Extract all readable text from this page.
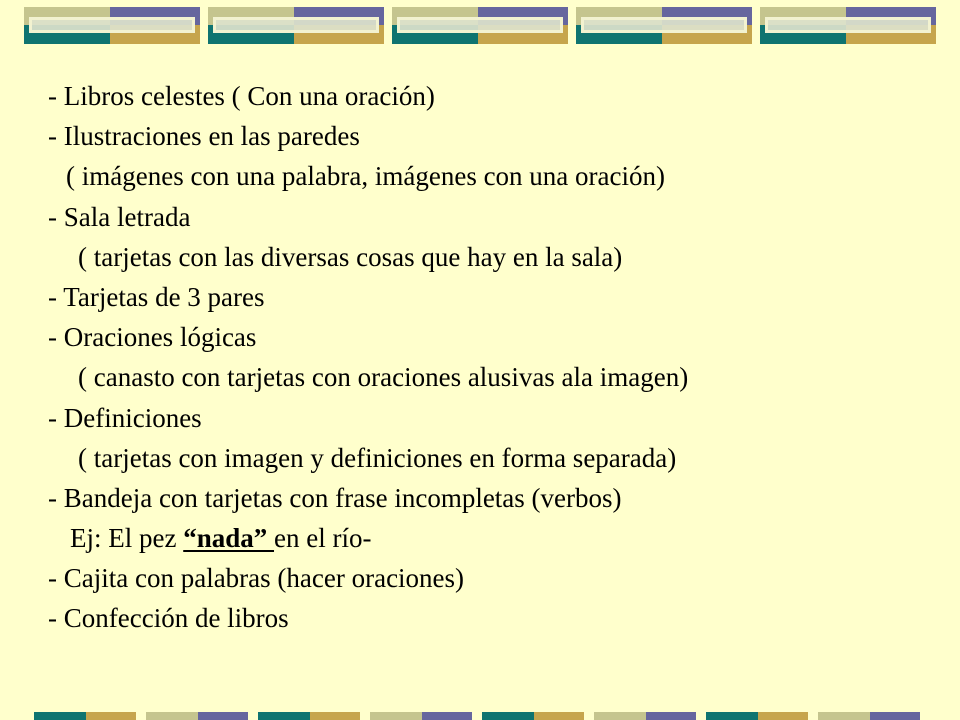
- Libros celestes ( Con una oración)
- Ilustraciones en las paredes
( imágenes con una palabra, imágenes con una oración)
- Sala letrada
( tarjetas con las diversas cosas que hay en la sala)
- Tarjetas de 3 pares
- Oraciones lógicas
( canasto con tarjetas con oraciones alusivas ala imagen)
- Definiciones
( tarjetas con imagen y definiciones en forma separada)
- Bandeja con tarjetas con frase incompletas (verbos)
Ej: El pez “nada” en el río-
- Cajita con palabras (hacer oraciones)
- Confección de libros
